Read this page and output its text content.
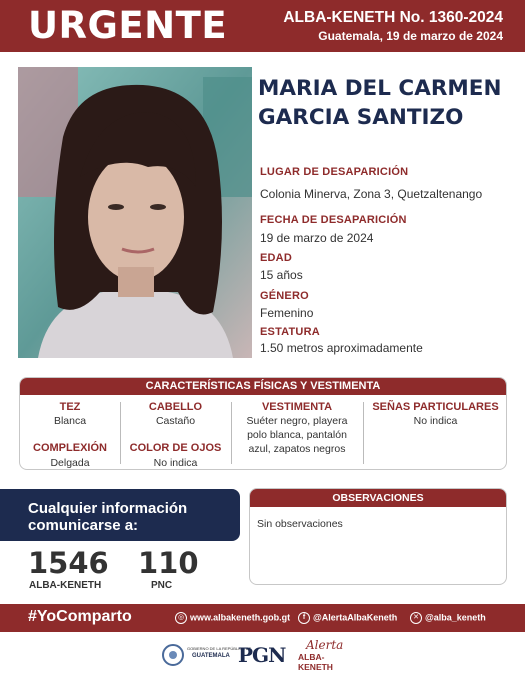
URGENTE	ALBA-KENETH No. 1360-2024
Guatemala, 19 de marzo de 2024
MARIA DEL CARMEN
GARCIA SANTIZO
LUGAR DE DESAPARICIÓN
Colonia Minerva, Zona 3, Quetzaltenango
FECHA DE DESAPARICIÓN
19 de marzo de 2024
EDAD
15 años
GÉNERO
Femenino
ESTATURA
1.50 metros aproximadamente
CARACTERÍSTICAS FÍSICAS Y VESTIMENTA
TEZ
Blanca
CABELLO
Castaño
VESTIMENTA
Suéter negro, playera
polo blanca, pantalón
azul, zapatos negros
SEÑAS PARTICULARES
No indica
COMPLEXIÓN
Delgada
COLOR DE OJOS
No indica
Cualquier información
comunicarse a:
1546
ALBA-KENETH
110
PNC
OBSERVACIONES
Sin observaciones
#YoComparto	◎ www.albakeneth.gob.gt	f @AlertaAlbaKeneth	✕ @alba_keneth
GOBIERNO DE LA REPÚBLICA DE
GUATEMALA PGN	Alerta
ALBA-KENETH
